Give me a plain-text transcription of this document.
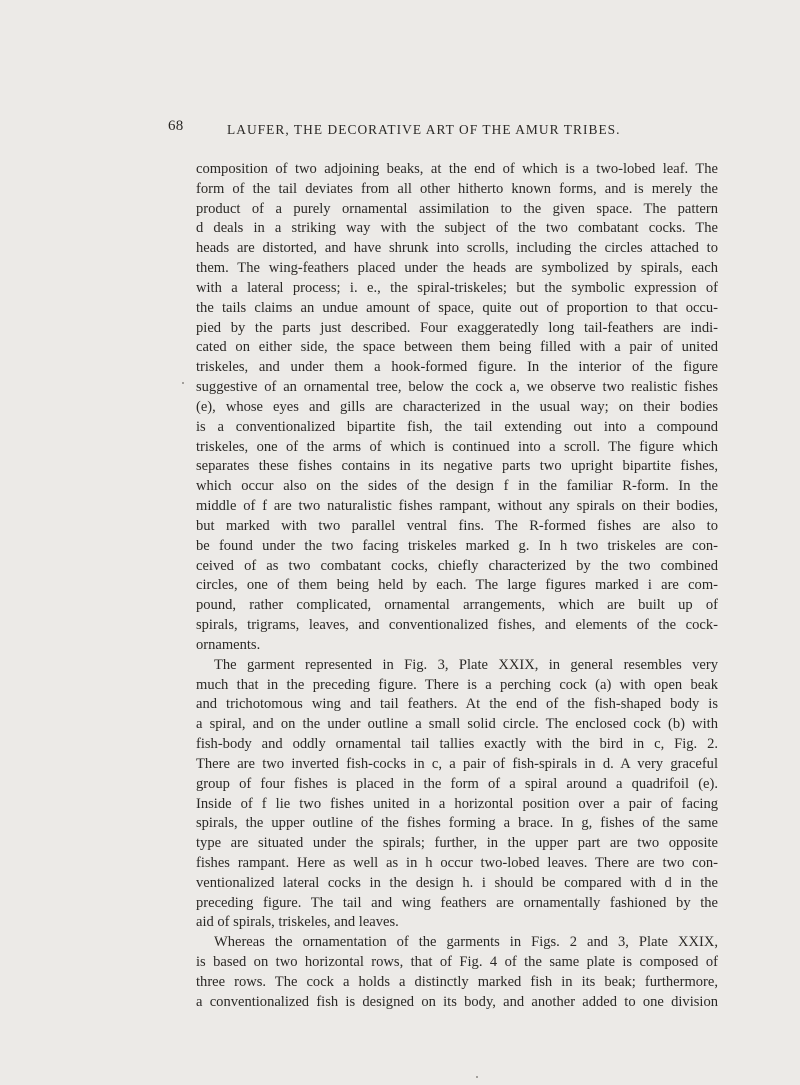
68	LAUFER, THE DECORATIVE ART OF THE AMUR TRIBES.

composition of two adjoining beaks, at the end of which is a two-lobed leaf. The

form of the tail deviates from all other hitherto known forms, and is merely the

product of a purely ornamental assimilation to the given space. The pattern

d deals in a striking way with the subject of the two combatant cocks. The

heads are distorted, and have shrunk into scrolls, including the circles attached to

them. The wing-feathers placed under the heads are symbolized by spirals, each

with a lateral process; i. e., the spiral-triskeles; but the symbolic expression of

the tails claims an undue amount of space, quite out of proportion to that occu-

pied by the parts just described. Four exaggeratedly long tail-feathers are indi-

cated on either side, the space between them being filled with a pair of united

triskeles, and under them a hook-formed figure. In the interior of the figure

suggestive of an ornamental tree, below the cock a, we observe two realistic fishes

(e), whose eyes and gills are characterized in the usual way; on their bodies

is a conventionalized bipartite fish, the tail extending out into a compound

triskeles, one of the arms of which is continued into a scroll. The figure which

separates these fishes contains in its negative parts two upright bipartite fishes,

which occur also on the sides of the design f in the familiar R-form. In the

middle of f are two naturalistic fishes rampant, without any spirals on their bodies,

but marked with two parallel ventral fins. The R-formed fishes are also to

be found under the two facing triskeles marked g. In h two triskeles are con-

ceived of as two combatant cocks, chiefly characterized by the two combined

circles, one of them being held by each. The large figures marked i are com-

pound, rather complicated, ornamental arrangements, which are built up of

spirals, trigrams, leaves, and conventionalized fishes, and elements of the cock-

ornaments.

The garment represented in Fig. 3, Plate XXIX, in general resembles very

much that in the preceding figure. There is a perching cock (a) with open beak

and trichotomous wing and tail feathers. At the end of the fish-shaped body is

a spiral, and on the under outline a small solid circle. The enclosed cock (b) with

fish-body and oddly ornamental tail tallies exactly with the bird in c, Fig. 2.

There are two inverted fish-cocks in c, a pair of fish-spirals in d. A very graceful

group of four fishes is placed in the form of a spiral around a quadrifoil (e).

Inside of f lie two fishes united in a horizontal position over a pair of facing

spirals, the upper outline of the fishes forming a brace. In g, fishes of the same

type are situated under the spirals; further, in the upper part are two opposite

fishes rampant. Here as well as in h occur two-lobed leaves. There are two con-

ventionalized lateral cocks in the design h. i should be compared with d in the

preceding figure. The tail and wing feathers are ornamentally fashioned by the

aid of spirals, triskeles, and leaves.

Whereas the ornamentation of the garments in Figs. 2 and 3, Plate XXIX,

is based on two horizontal rows, that of Fig. 4 of the same plate is composed of

three rows. The cock a holds a distinctly marked fish in its beak; furthermore,

a conventionalized fish is designed on its body, and another added to one division
